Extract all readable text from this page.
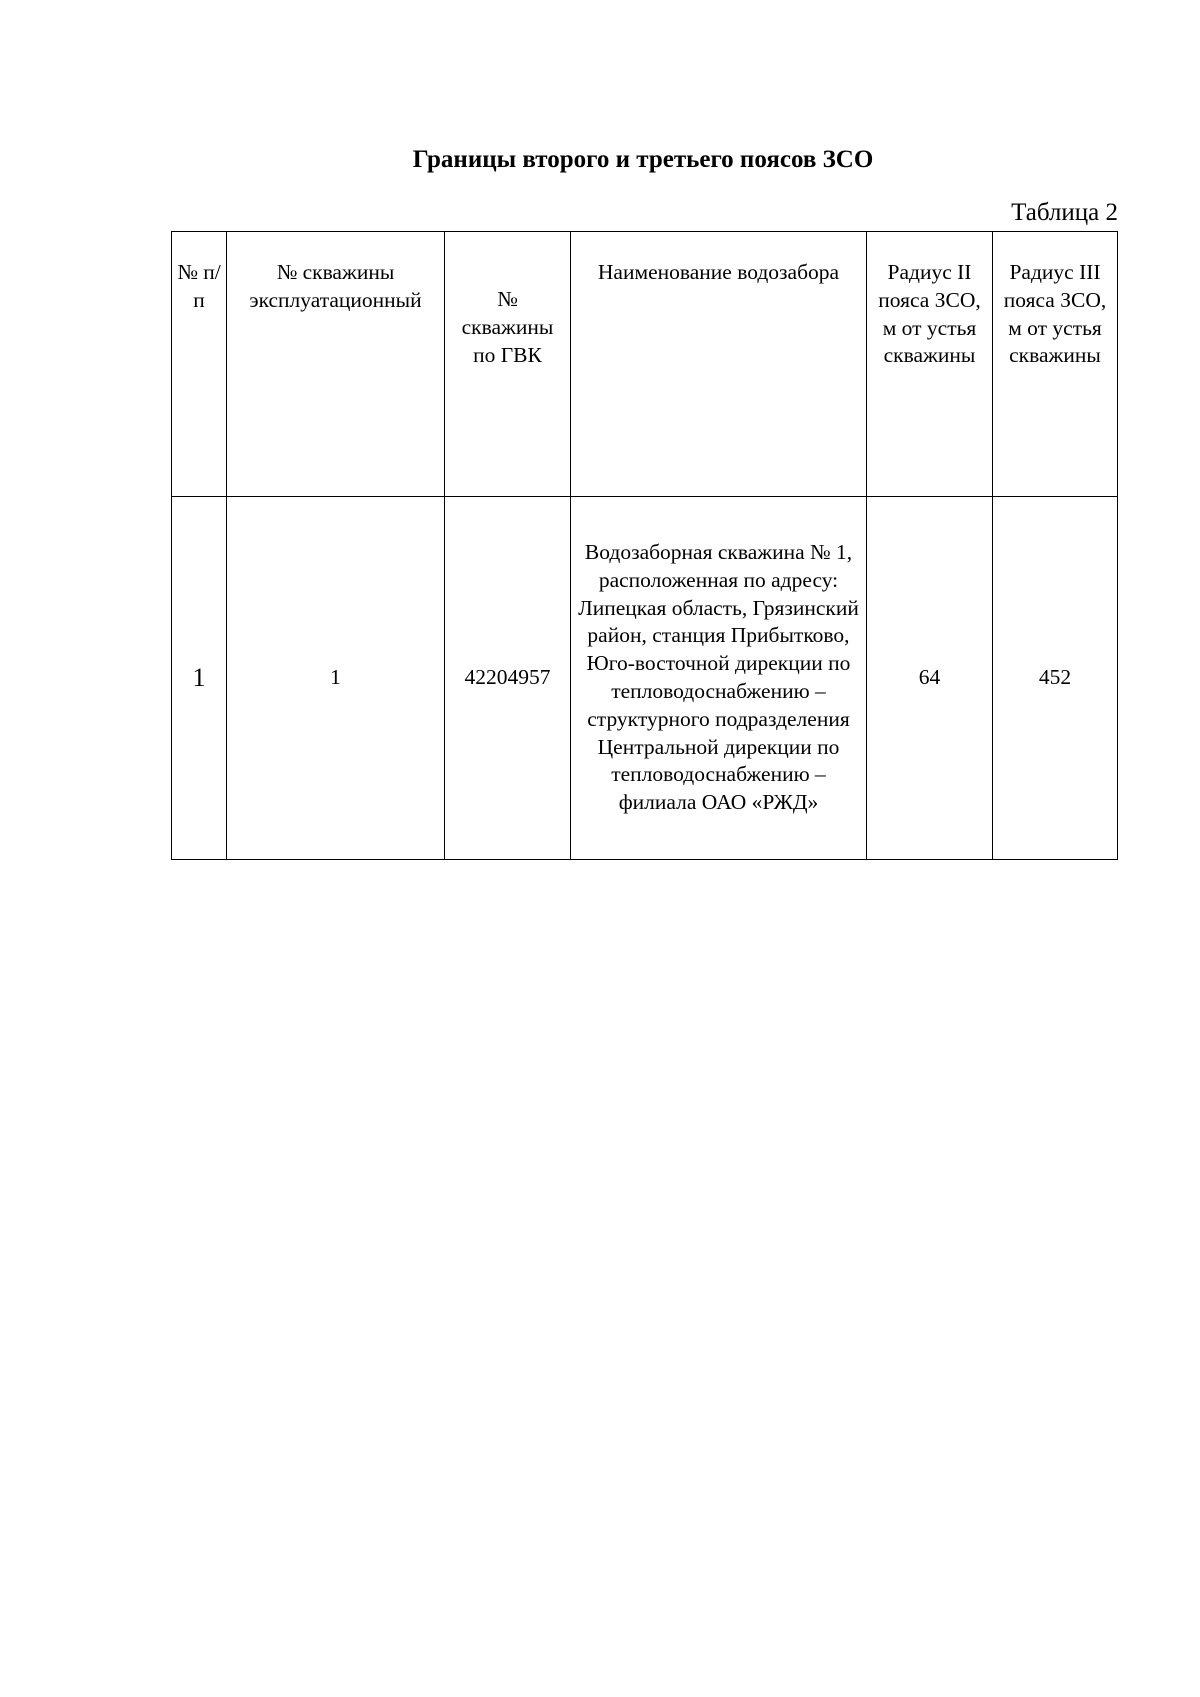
Границы второго и третьего поясов ЗСО
Таблица 2
№ п/п	№ скважины эксплуатационный	№ скважины по ГВК	Наименование водозабора	Радиус II пояса ЗСО, м от устья скважины	Радиус III пояса ЗСО, м от устья скважины
1	1	42204957	Водозаборная скважина № 1, расположенная по адресу: Липецкая область, Грязинский район, станция Прибытково, Юго-восточной дирекции по тепловодоснабжению – структурного подразделения Центральной дирекции по тепловодоснабжению – филиала ОАО «РЖД»	64	452
